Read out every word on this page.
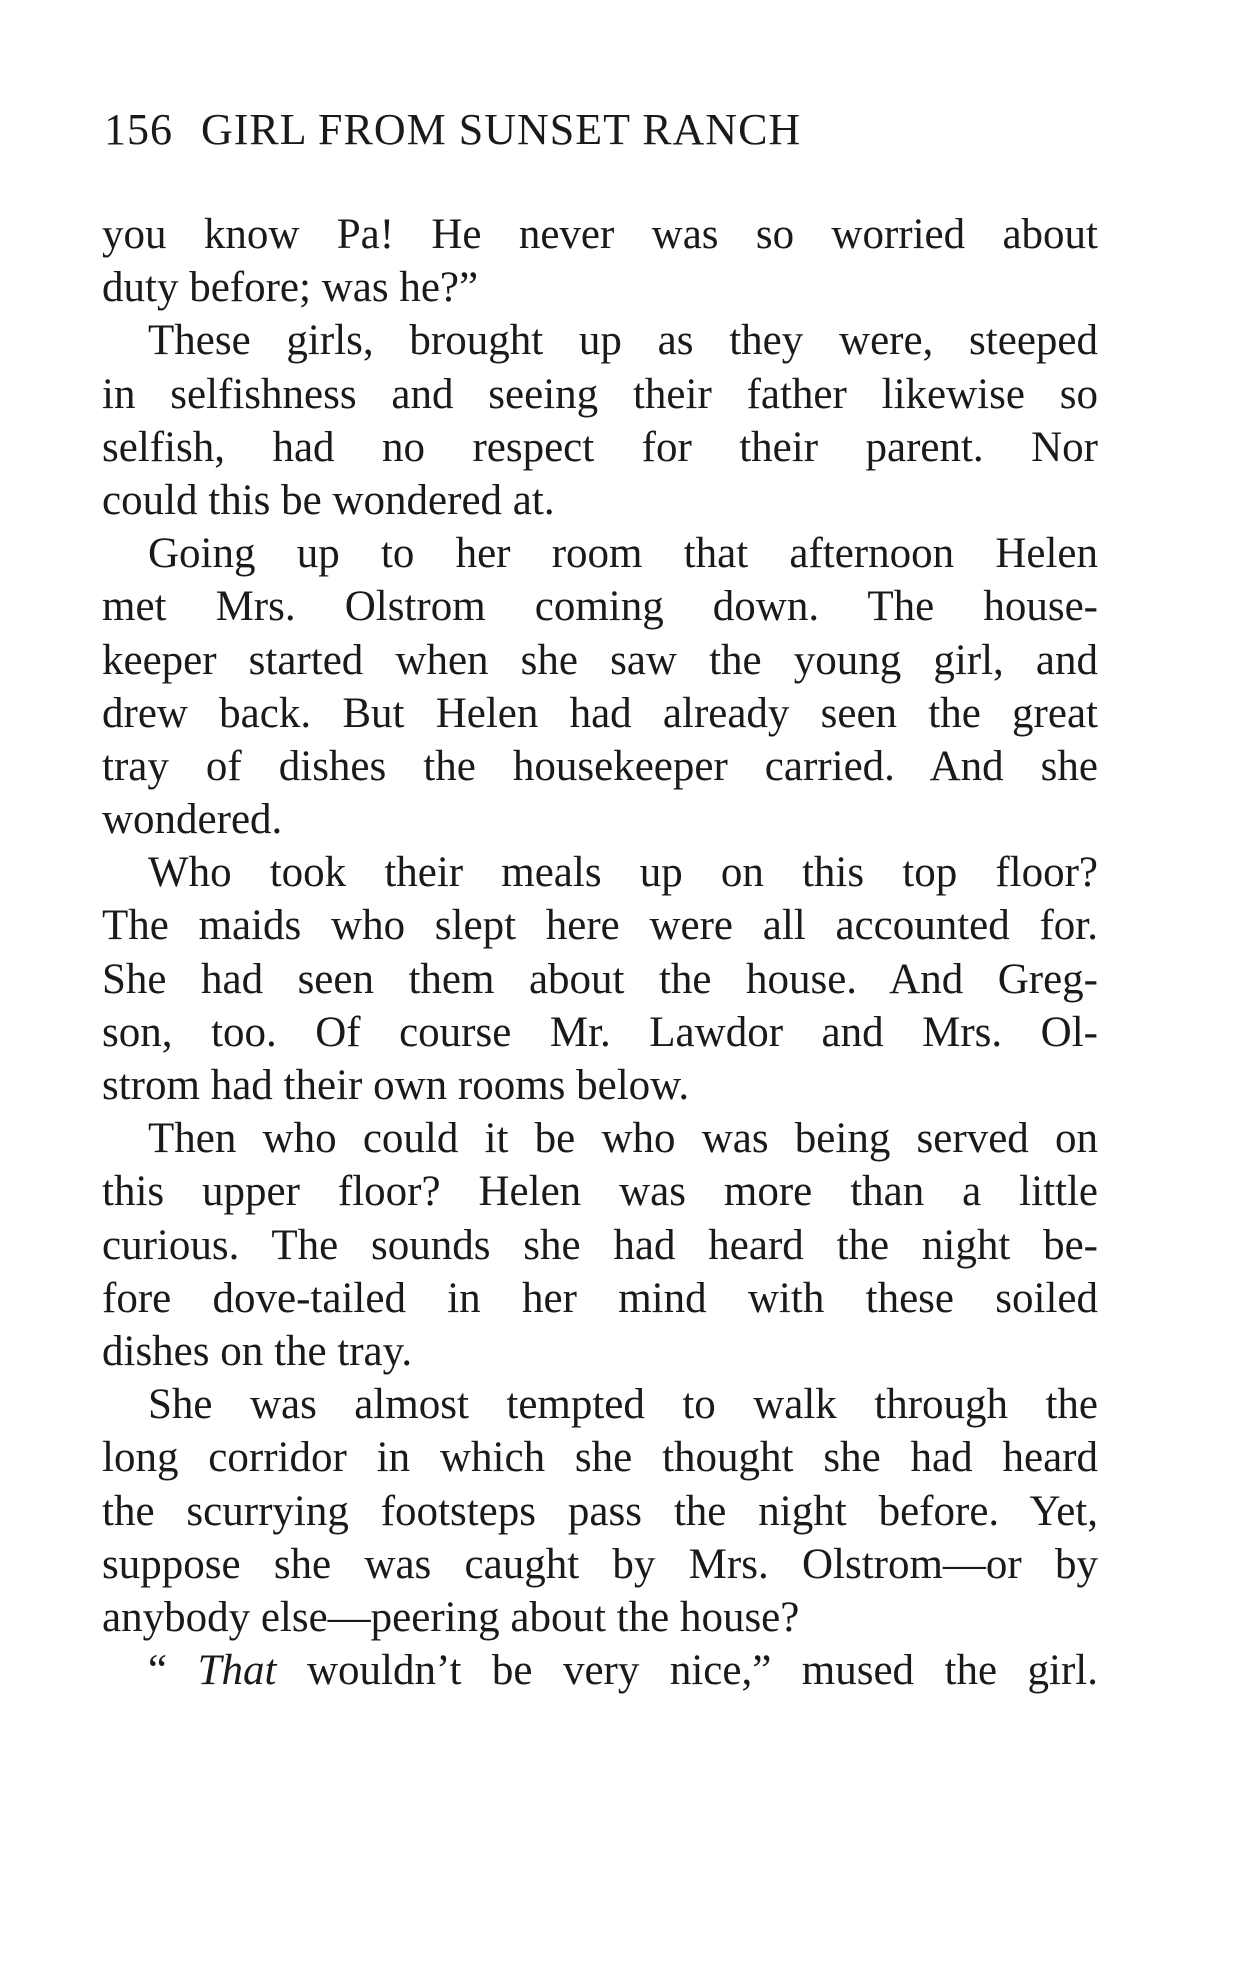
156 GIRL FROM SUNSET RANCH
you know Pa! He never was so worried about
duty before; was he?”
These girls, brought up as they were, steeped
in selfishness and seeing their father likewise so
selfish, had no respect for their parent. Nor
could this be wondered at.
Going up to her room that afternoon Helen
met Mrs. Olstrom coming down. The house-
keeper started when she saw the young girl, and
drew back. But Helen had already seen the great
tray of dishes the housekeeper carried. And she
wondered.
Who took their meals up on this top floor?
The maids who slept here were all accounted for.
She had seen them about the house. And Greg-
son, too. Of course Mr. Lawdor and Mrs. Ol-
strom had their own rooms below.
Then who could it be who was being served on
this upper floor? Helen was more than a little
curious. The sounds she had heard the night be-
fore dove-tailed in her mind with these soiled
dishes on the tray.
She was almost tempted to walk through the
long corridor in which she thought she had heard
the scurrying footsteps pass the night before. Yet,
suppose she was caught by Mrs. Olstrom—or by
anybody else—peering about the house?
“ That wouldn’t be very nice,” mused the girl.
